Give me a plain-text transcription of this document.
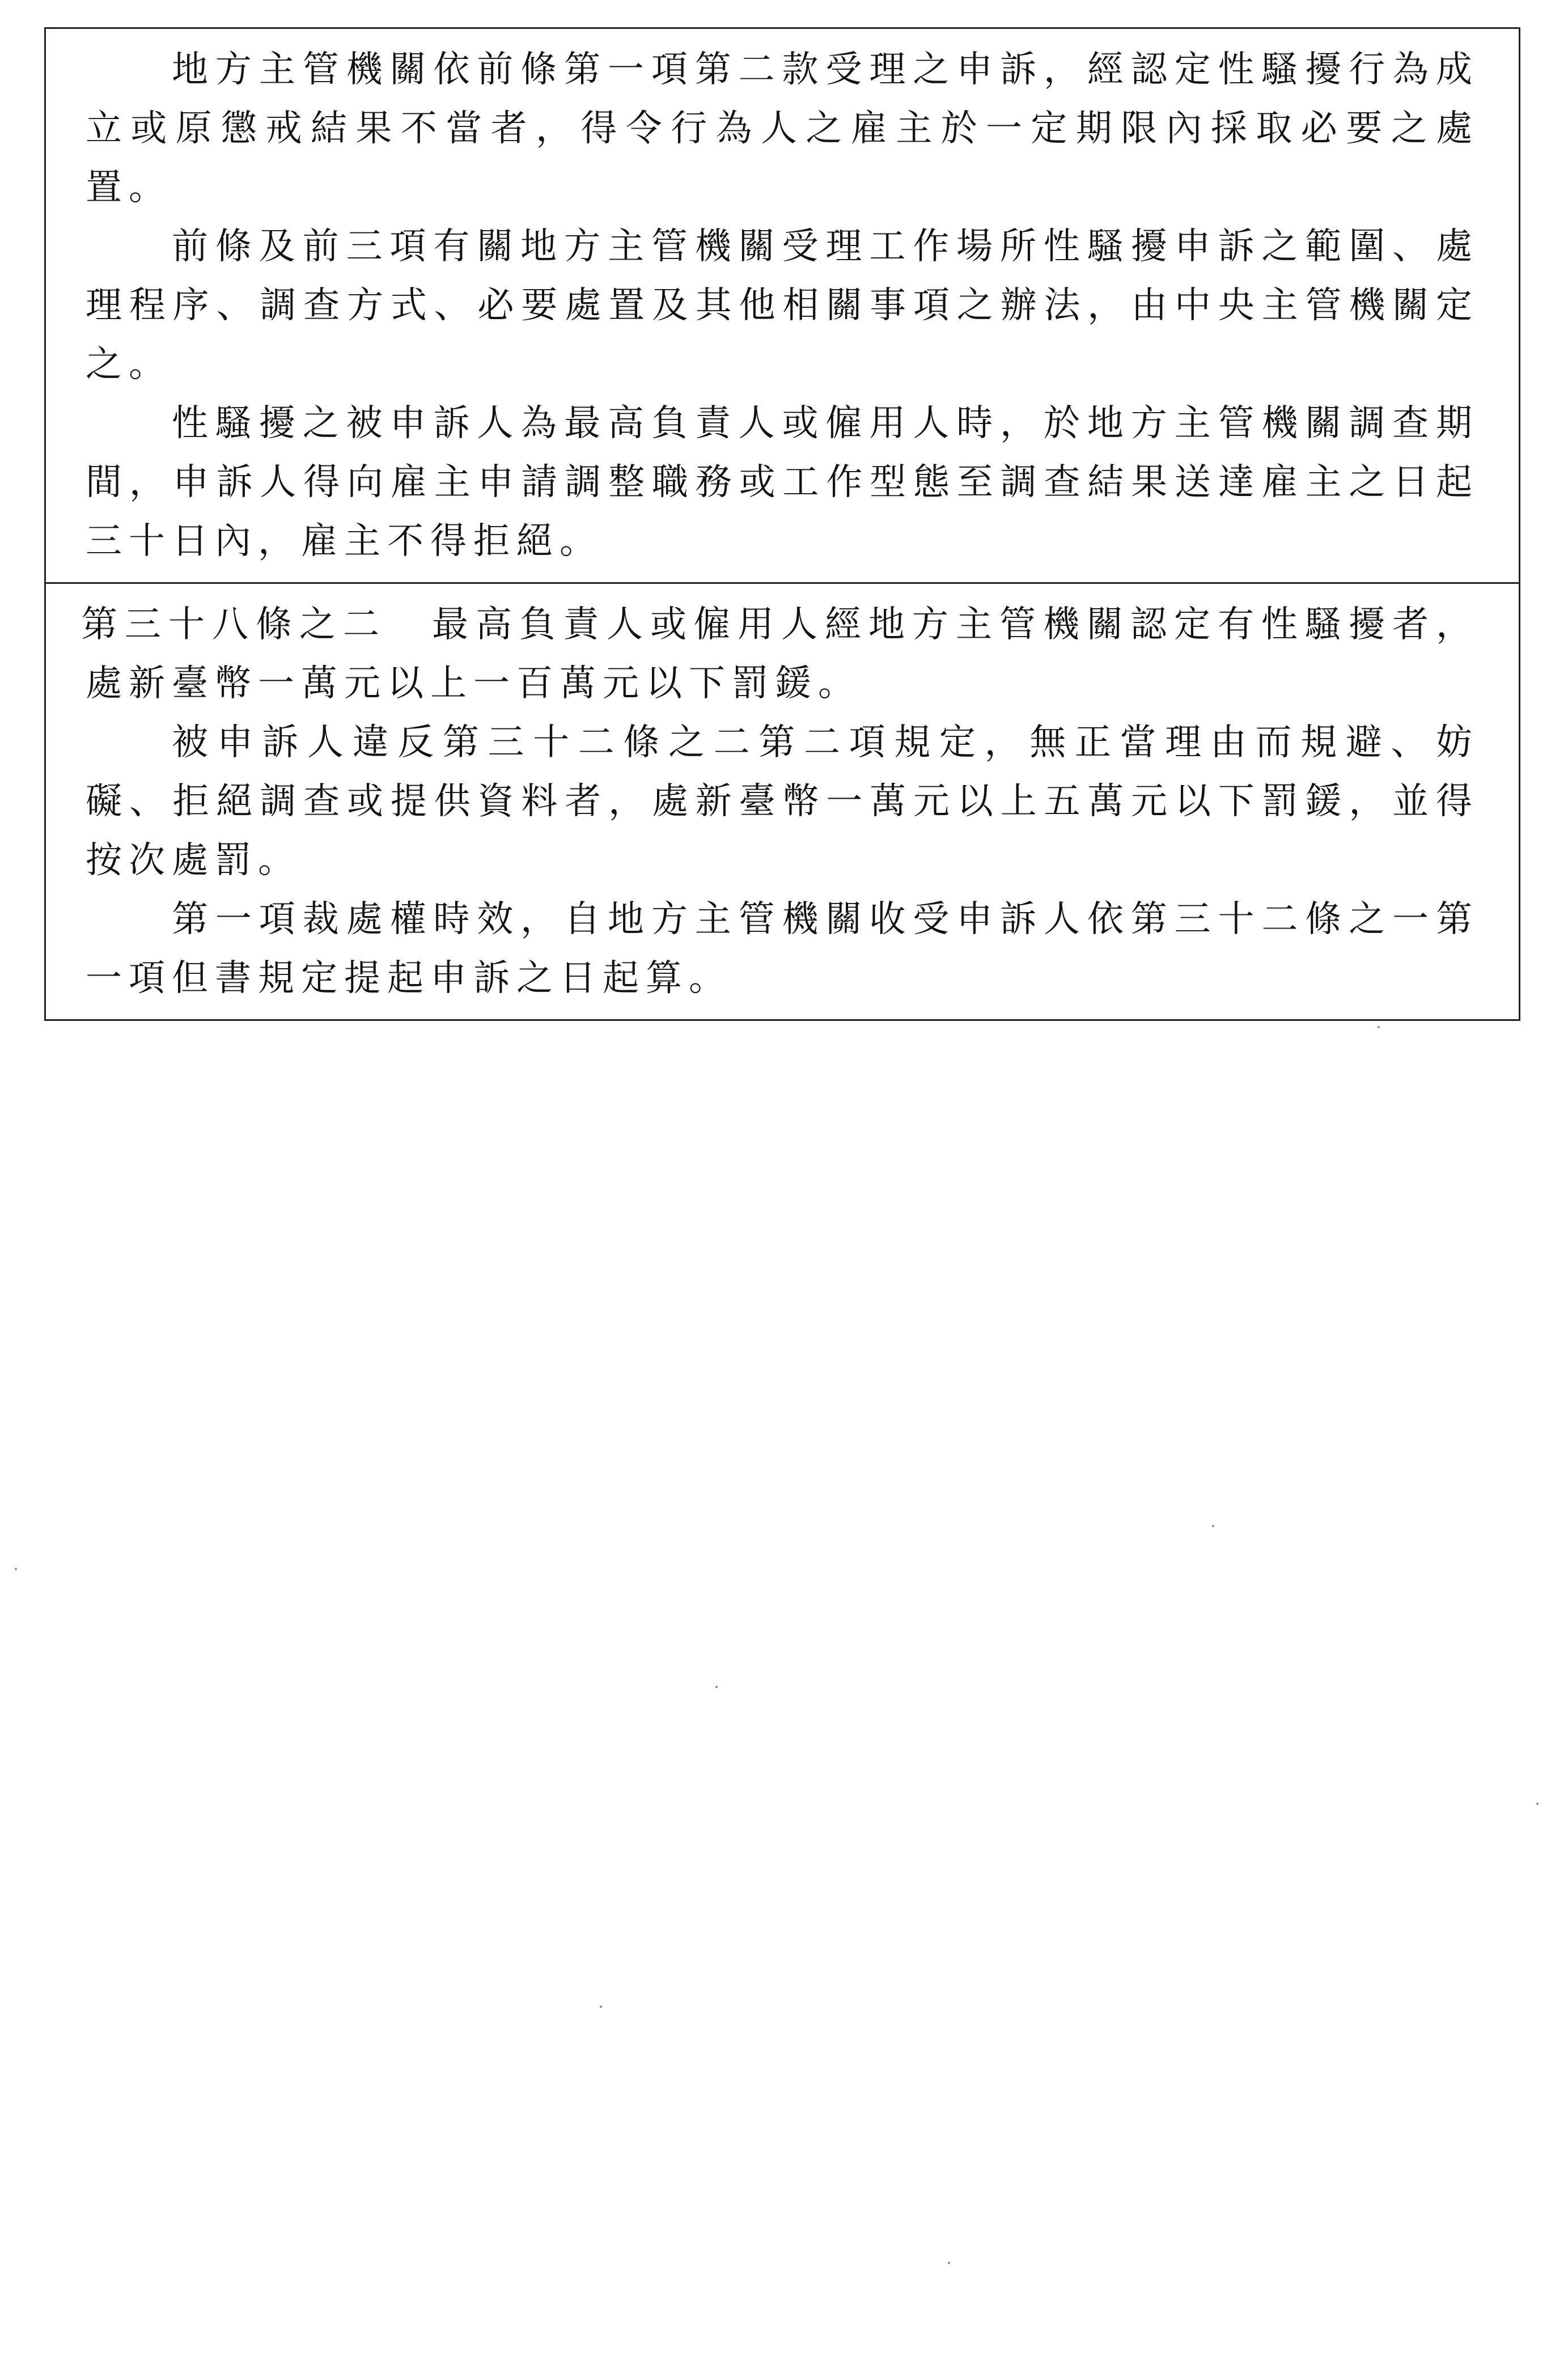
地方主管機關依前條第一項第二款受理之申訴，經認定性騷擾行為成立或原懲戒結果不當者，得令行為人之雇主於一定期限內採取必要之處置。

前條及前三項有關地方主管機關受理工作場所性騷擾申訴之範圍、處理程序、調查方式、必要處置及其他相關事項之辦法，由中央主管機關定之。

性騷擾之被申訴人為最高負責人或僱用人時，於地方主管機關調查期間，申訴人得向雇主申請調整職務或工作型態至調查結果送達雇主之日起三十日內，雇主不得拒絕。

第三十八條之二 最高負責人或僱用人經地方主管機關認定有性騷擾者，處新臺幣一萬元以上一百萬元以下罰鍰。

被申訴人違反第三十二條之二第二項規定，無正當理由而規避、妨礙、拒絕調查或提供資料者，處新臺幣一萬元以上五萬元以下罰鍰，並得按次處罰。

第一項裁處權時效，自地方主管機關收受申訴人依第三十二條之一第一項但書規定提起申訴之日起算。
